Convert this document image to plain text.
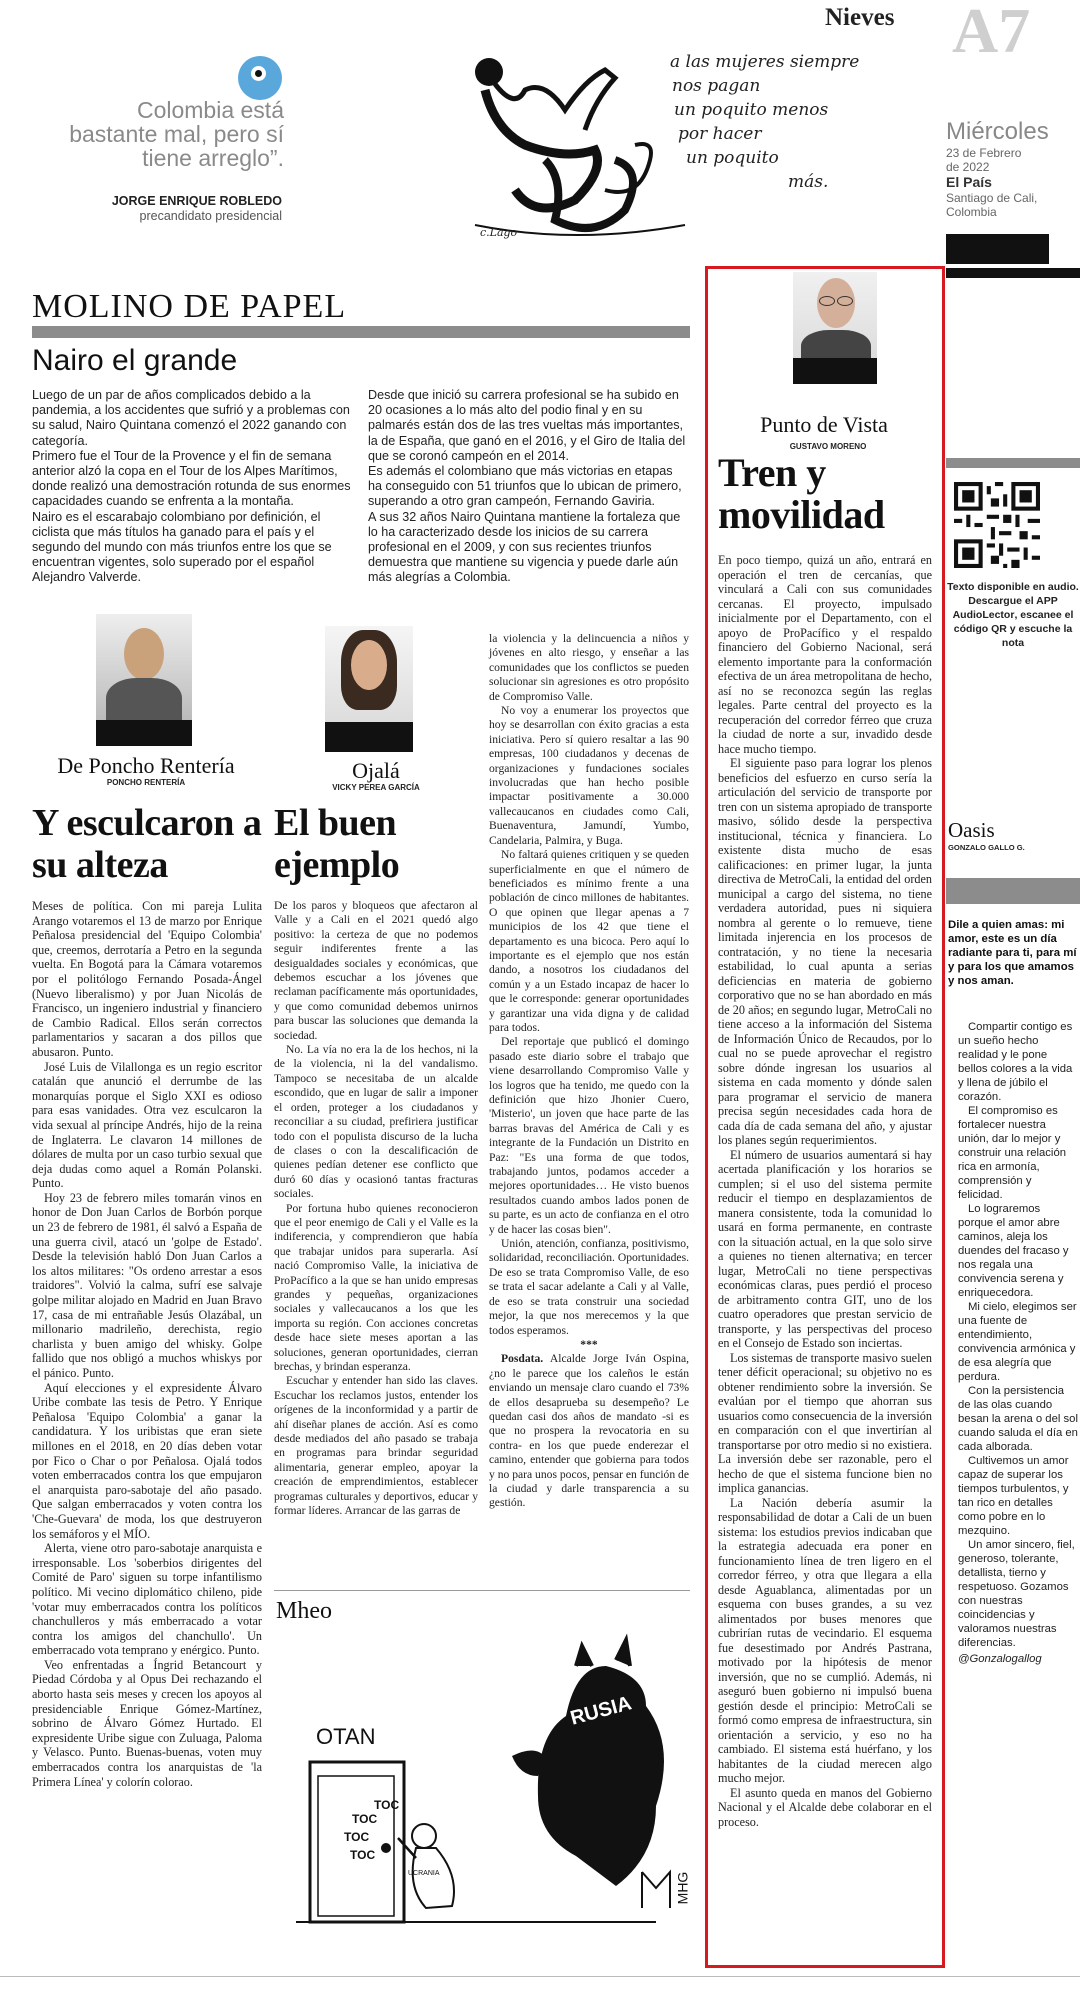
Nieves A7
Miércoles
23 de Febrero
de 2022
El País
Santiago de Cali,
Colombia
Colombia está bastante mal, pero sí tiene arreglo”.
JORGE ENRIQUE ROBLEDO
precandidato presidencial
c.Lago
a las mujeres siempre
nos pagan
un poquito menos
por hacer
un poquito
más.
MOLINO DE PAPEL
Nairo el grande

Luego de un par de años complicados debido a la pandemia, a los accidentes que sufrió y a problemas con su salud, Nairo Quintana comenzó el 2022 ganando con categoría.

Primero fue el Tour de la Provence y el fin de semana anterior alzó la copa en el Tour de los Alpes Marítimos, donde realizó una demostración rotunda de sus enormes capacidades cuando se enfrenta a la montaña.

Nairo es el escarabajo colombiano por definición, el ciclista que más títulos ha ganado para el país y el segundo del mundo con más triunfos entre los que se encuentran vigentes, solo superado por el español Alejandro Valverde.

Desde que inició su carrera profesional se ha subido en 20 ocasiones a lo más alto del podio final y en su palmarés están dos de las tres vueltas más importantes, la de España, que ganó en el 2016, y el Giro de Italia del que se coronó campeón en el 2014.

Es además el colombiano que más victorias en etapas ha conseguido con 51 triunfos que lo ubican de primero, superando a otro gran campeón, Fernando Gaviria.

A sus 32 años Nairo Quintana mantiene la fortaleza que lo ha caracterizado desde los inicios de su carrera profesional en el 2009, y con sus recientes triunfos demuestra que mantiene su vigencia y puede darle aún más alegrías a Colombia.

De Poncho Rentería
PONCHO RENTERÍA
Y esculcaron a su alteza

Meses de política. Con mi pareja Lulita Arango votaremos el 13 de marzo por Enrique Peñalosa presidencial del 'Equipo Colombia' que, creemos, derrotaría a Petro en la segunda vuelta. En Bogotá para la Cámara votaremos por el politólogo Fernando Posada-Ángel (Nuevo liberalismo) y por Juan Nicolás de Francisco, un ingeniero industrial y financiero de Cambio Radical. Ellos serán correctos parlamentarios y sacaran a dos pillos que abusaron. Punto.

José Luis de Vilallonga es un regio escritor catalán que anunció el derrumbe de las monarquías porque el Siglo XXI es odioso para esas vanidades. Otra vez esculcaron la vida sexual al príncipe Andrés, hijo de la reina de Inglaterra. Le clavaron 14 millones de dólares de multa por un caso turbio sexual que deja dudas como aquel a Román Polanski. Punto.

Hoy 23 de febrero miles tomarán vinos en honor de Don Juan Carlos de Borbón porque un 23 de febrero de 1981, él salvó a España de una guerra civil, atacó un 'golpe de Estado'. Desde la televisión habló Don Juan Carlos a los altos militares: "Os ordeno arrestar a esos traidores". Volvió la calma, sufrí ese salvaje golpe militar alojado en Madrid en Juan Bravo 17, casa de mi entrañable Jesús Olazábal, un millonario madrileño, derechista, regio charlista y buen amigo del whisky. Golpe fallido que nos obligó a muchos whiskys por el pánico. Punto.

Aquí elecciones y el expresidente Álvaro Uribe combate las tesis de Petro. Y Enrique Peñalosa 'Equipo Colombia' a ganar la candidatura. Y los uribistas que eran siete millones en el 2018, en 20 días deben votar por Fico o Char o por Peñalosa. Ojalá todos voten emberracados contra los que empujaron el anarquista paro-sabotaje del año pasado. Que salgan emberracados y voten contra los 'Che-Guevara' de moda, los que destruyeron los semáforos y el MÍO.

Alerta, viene otro paro-sabotaje anarquista e irresponsable. Los 'soberbios dirigentes del Comité de Paro' siguen su torpe infantilismo político. Mi vecino diplomático chileno, pide 'votar muy emberracados contra los políticos chanchulleros y más emberracado a votar contra los amigos del chanchullo'. Un emberracado vota temprano y enérgico. Punto.

Veo enfrentadas a Íngrid Betancourt y Piedad Córdoba y al Opus Dei rechazando el aborto hasta seis meses y crecen los apoyos al presidenciable Enrique Gómez-Martínez, sobrino de Álvaro Gómez Hurtado. El expresidente Uribe sigue con Zuluaga, Paloma y Velasco. Punto. Buenas-buenas, voten muy emberracados contra los anarquistas de 'la Primera Línea' y colorín colorao.

Ojalá
VICKY PEREA GARCÍA
El buen ejemplo

De los paros y bloqueos que afectaron al Valle y a Cali en el 2021 quedó algo positivo: la certeza de que no podemos seguir indiferentes frente a las desigualdades sociales y económicas, que debemos escuchar a los jóvenes que reclaman pacíficamente más oportunidades, y que como comunidad debemos unirnos para buscar las soluciones que demanda la sociedad.

No. La vía no era la de los hechos, ni la de la violencia, ni la del vandalismo. Tampoco se necesitaba de un alcalde escondido, que en lugar de salir a imponer el orden, proteger a los ciudadanos y reconciliar a su ciudad, prefiriera justificar todo con el populista discurso de la lucha de clases o con la descalificación de quienes pedían detener ese conflicto que duró 60 días y ocasionó tantas fracturas sociales.

Por fortuna hubo quienes reconocieron que el peor enemigo de Cali y el Valle es la indiferencia, y comprendieron que había que trabajar unidos para superarla. Así nació Compromiso Valle, la iniciativa de ProPacífico a la que se han unido empresas grandes y pequeñas, organizaciones sociales y vallecaucanos a los que les importa su región. Con acciones concretas desde hace siete meses aportan a las soluciones, generan oportunidades, cierran brechas, y brindan esperanza.

Escuchar y entender han sido las claves. Escuchar los reclamos justos, entender los orígenes de la inconformidad y a partir de ahí diseñar planes de acción. Así es como desde mediados del año pasado se trabaja en programas para brindar seguridad alimentaria, generar empleo, apoyar la creación de emprendimientos, establecer programas culturales y deportivos, educar y formar líderes. Arrancar de las garras de

la violencia y la delincuencia a niños y jóvenes en alto riesgo, y enseñar a las comunidades que los conflictos se pueden solucionar sin agresiones es otro propósito de Compromiso Valle.

No voy a enumerar los proyectos que hoy se desarrollan con éxito gracias a esta iniciativa. Pero sí quiero resaltar a las 90 empresas, 100 ciudadanos y decenas de organizaciones y fundaciones sociales involucradas que han hecho posible impactar positivamente a 30.000 vallecaucanos en ciudades como Cali, Buenaventura, Jamundí, Yumbo, Candelaria, Palmira, y Buga.

No faltará quienes critiquen y se queden superficialmente en que el número de beneficiados es mínimo frente a una población de cinco millones de habitantes. O que opinen que llegar apenas a 7 municipios de los 42 que tiene el departamento es una bicoca. Pero aquí lo importante es el ejemplo que nos están dando, a nosotros los ciudadanos del común y a un Estado incapaz de hacer lo que le corresponde: generar oportunidades y garantizar una vida digna y de calidad para todos.

Del reportaje que publicó el domingo pasado este diario sobre el trabajo que viene desarrollando Compromiso Valle y los logros que ha tenido, me quedo con la definición que hizo Jhonier Cuero, 'Misterio', un joven que hace parte de las barras bravas del América de Cali y es integrante de la Fundación un Distrito en Paz: "Es una forma de que todos, trabajando juntos, podamos acceder a mejores oportunidades… He visto buenos resultados cuando ambos lados ponen de su parte, es un acto de confianza en el otro y de hacer las cosas bien".

Unión, atención, confianza, positivismo, solidaridad, reconciliación. Oportunidades. De eso se trata Compromiso Valle, de eso se trata el sacar adelante a Cali y al Valle, de eso se trata construir una sociedad mejor, la que nos merecemos y la que todos esperamos.

***

Posdata. Alcalde Jorge Iván Ospina, ¿no le parece que los caleños le están enviando un mensaje claro cuando el 73% de ellos desaprueba su desempeño? Le quedan casi dos años de mandato -si es que no prospera la revocatoria en su contra- en los que puede enderezar el camino, entender que gobierna para todos y no para unos pocos, pensar en función de la ciudad y darle transparencia a su gestión.

Mheo
OTAN
RUSIA
TOC
TOC
TOC
TOC
UCRANIA	MHG
Punto de Vista
GUSTAVO MORENO
Tren y movilidad

En poco tiempo, quizá un año, entrará en operación el tren de cercanías, que vinculará a Cali con sus comunidades cercanas. El proyecto, impulsado inicialmente por el Departamento, con el apoyo de ProPacífico y el respaldo financiero del Gobierno Nacional, será elemento importante para la conformación efectiva de un área metropolitana de hecho, así no se reconozca según las reglas legales. Parte central del proyecto es la recuperación del corredor férreo que cruza la ciudad de norte a sur, invadido desde hace mucho tiempo.

El siguiente paso para lograr los plenos beneficios del esfuerzo en curso sería la articulación del servicio de transporte por tren con un sistema apropiado de transporte masivo, sólido desde la perspectiva institucional, técnica y financiera. Lo existente dista mucho de esas calificaciones: en primer lugar, la junta directiva de MetroCali, la entidad del orden municipal a cargo del sistema, no tiene verdadera autoridad, pues ni siquiera nombra al gerente o lo remueve, tiene limitada injerencia en los procesos de contratación, y no tiene la necesaria estabilidad, lo cual apunta a serias deficiencias en materia de gobierno corporativo que no se han abordado en más de 20 años; en segundo lugar, MetroCali no tiene acceso a la información del Sistema de Información Único de Recaudos, por lo cual no se puede aprovechar el registro sobre dónde ingresan los usuarios al sistema en cada momento y dónde salen para programar el servicio de manera precisa según necesidades cada hora de cada día de cada semana del año, y ajustar los planes según requerimientos.

El número de usuarios aumentará si hay acertada planificación y los horarios se cumplen; si el uso del sistema permite reducir el tiempo en desplazamientos de manera consistente, toda la comunidad lo usará en forma permanente, en contraste con la situación actual, en la que solo sirve a quienes no tienen alternativa; en tercer lugar, MetroCali no tiene perspectivas económicas claras, pues perdió el proceso de arbitramento contra GIT, uno de los cuatro operadores que prestan servicio de transporte, y las perspectivas del proceso en el Consejo de Estado son inciertas.

Los sistemas de transporte masivo suelen tener déficit operacional; su objetivo no es obtener rendimiento sobre la inversión. Se evalúan por el tiempo que ahorran sus usuarios como consecuencia de la inversión en comparación con el que invertirían al transportarse por otro medio si no existiera. La inversión debe ser razonable, pero el hecho de que el sistema funcione bien no implica ganancias.

La Nación debería asumir la responsabilidad de dotar a Cali de un buen sistema: los estudios previos indicaban que la estrategia adecuada era poner en funcionamiento línea de tren ligero en el corredor férreo, y otra que llegara a ella desde Aguablanca, alimentadas por un esquema con buses grandes, a su vez alimentados por buses menores que cubrirían rutas de vecindario. El esquema fue desestimado por Andrés Pastrana, motivado por la hipótesis de menor inversión, que no se cumplió. Además, ni aseguró buen gobierno ni impulsó buena gestión desde el principio: MetroCali se formó como empresa de infraestructura, sin orientación a servicio, y eso no ha cambiado. El sistema está huérfano, y los habitantes de la ciudad merecen algo mucho mejor.

El asunto queda en manos del Gobierno Nacional y el Alcalde debe colaborar en el proceso.

Texto disponible en audio. Descargue el APP AudioLector, escanee el código QR y escuche la nota
Oasis
GONZALO GALLO G.
Dile a quien amas: mi amor, este es un día radiante para ti, para mí y para los que amamos y nos aman.

Compartir contigo es un sueño hecho realidad y le pone bellos colores a la vida y llena de júbilo el corazón.

El compromiso es fortalecer nuestra unión, dar lo mejor y construir una relación rica en armonía, comprensión y felicidad.

Lo lograremos porque el amor abre caminos, aleja los duendes del fracaso y nos regala una convivencia serena y enriquecedora.

Mi cielo, elegimos ser una fuente de entendimiento, convivencia armónica y de esa alegría que perdura.

Con la persistencia de las olas cuando besan la arena o del sol cuando saluda el día en cada alborada.

Cultivemos un amor capaz de superar los tiempos turbulentos, y tan rico en detalles como pobre en lo mezquino.

Un amor sincero, fiel, generoso, tolerante, detallista, tierno y respetuoso. Gozamos con nuestras coincidencias y valoramos nuestras diferencias.

@Gonzalogallog
